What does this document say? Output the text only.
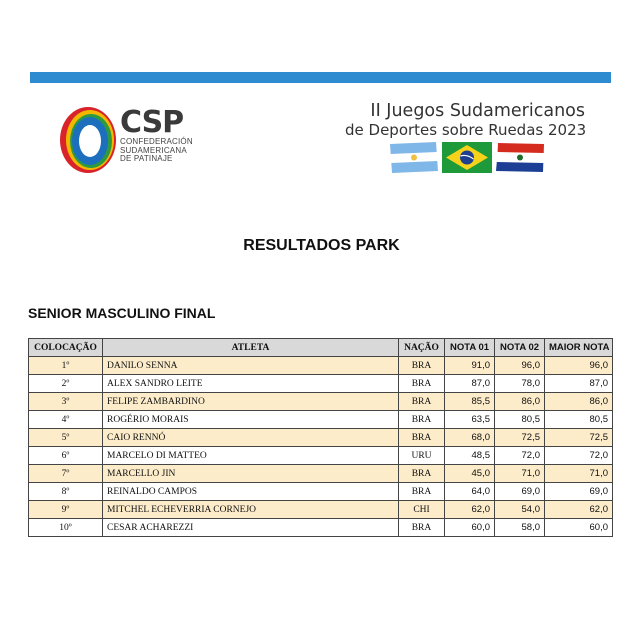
CSP
CONFEDERACIÓN
SUDAMERICANA
DE PATINAJE
II Juegos Sudamericanos
de Deportes sobre Ruedas 2023
RESULTADOS PARK
SENIOR MASCULINO FINAL
COLOCAÇÃO	ATLETA	NAÇÃO	NOTA 01	NOTA 02	MAIOR NOTA
1º	DANILO SENNA	BRA	91,0	96,0	96,0
2º	ALEX SANDRO LEITE	BRA	87,0	78,0	87,0
3º	FELIPE ZAMBARDINO	BRA	85,5	86,0	86,0
4º	ROGÉRIO MORAIS	BRA	63,5	80,5	80,5
5º	CAIO RENNÓ	BRA	68,0	72,5	72,5
6º	MARCELO DI MATTEO	URU	48,5	72,0	72,0
7º	MARCELLO JIN	BRA	45,0	71,0	71,0
8º	REINALDO CAMPOS	BRA	64,0	69,0	69,0
9º	MITCHEL ECHEVERRIA CORNEJO	CHI	62,0	54,0	62,0
10º	CESAR ACHAREZZI	BRA	60,0	58,0	60,0
